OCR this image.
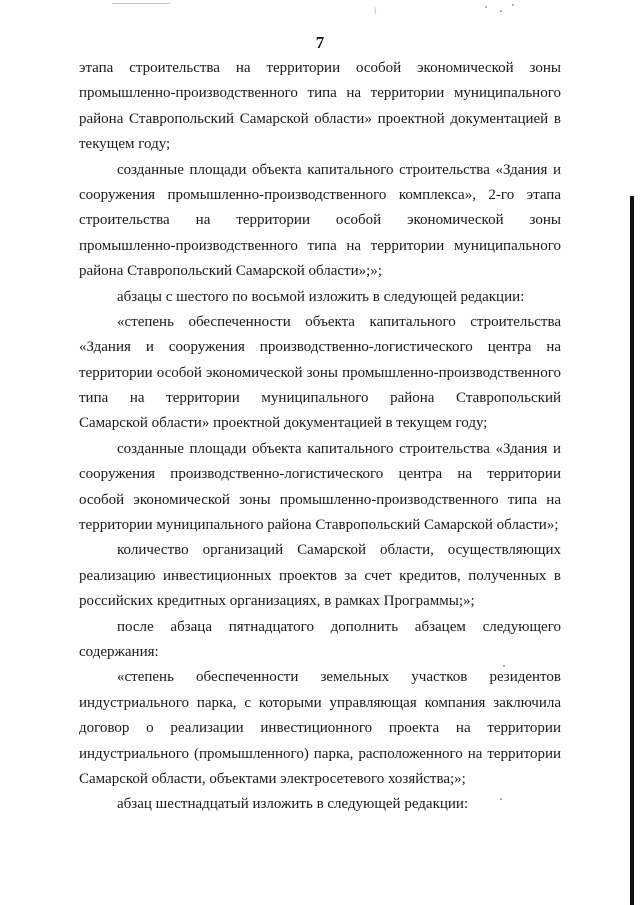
ł
7
этапа строительства на территории особой экономической зоны
промышленно-производственного типа на территории муниципального
района Ставропольский Самарской области» проектной документацией в
текущем году;
созданные площади объекта капитального строительства «Здания и
сооружения промышленно-производственного комплекса», 2-го этапа
строительства на территории особой экономической зоны
промышленно-производственного типа на территории муниципального
района Ставропольский Самарской области»;»;
абзацы с шестого по восьмой изложить в следующей редакции:
«степень обеспеченности объекта капитального строительства
«Здания и сооружения производственно-логистического центра на
территории особой экономической зоны промышленно-производственного
типа на территории муниципального района Ставропольский
Самарской области» проектной документацией в текущем году;
созданные площади объекта капитального строительства «Здания и
сооружения производственно-логистического центра на территории
особой экономической зоны промышленно-производственного типа на
территории муниципального района Ставропольский Самарской области»;
количество организаций Самарской области, осуществляющих
реализацию инвестиционных проектов за счет кредитов, полученных в
российских кредитных организациях, в рамках Программы;»;
после абзаца пятнадцатого дополнить абзацем следующего
содержания:
«степень обеспеченности земельных участков резидентов
индустриального парка, с которыми управляющая компания заключила
договор о реализации инвестиционного проекта на территории
индустриального (промышленного) парка, расположенного на территории
Самарской области, объектами электросетевого хозяйства;»;
абзац шестнадцатый изложить в следующей редакции:
